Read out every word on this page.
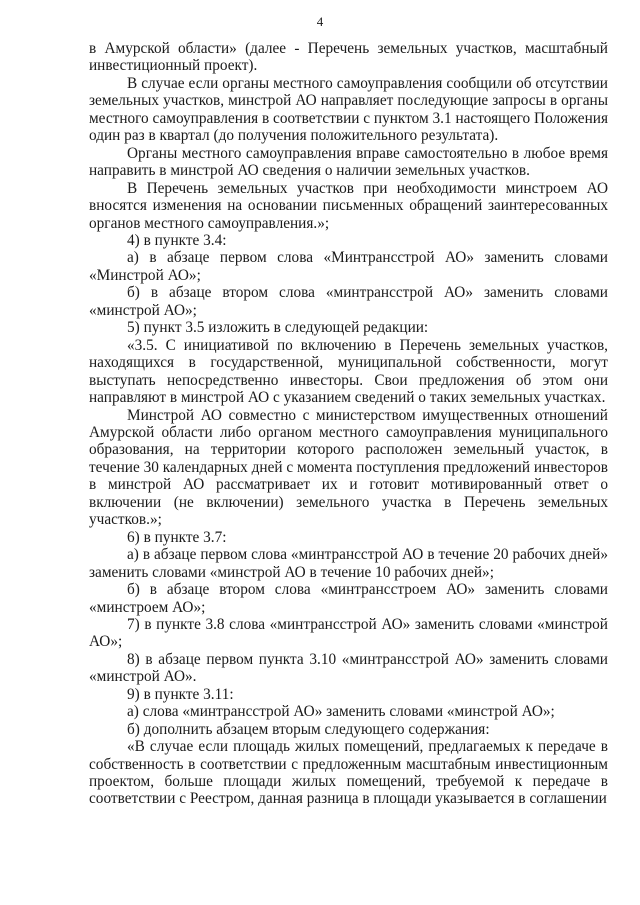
4

в Амурской области» (далее - Перечень земельных участков, масштабный инвестиционный проект).

В случае если органы местного самоуправления сообщили об отсутствии земельных участков, минстрой АО направляет последующие запросы в органы местного самоуправления в соответствии с пунктом 3.1 настоящего Положения один раз в квартал (до получения положительного результата).

Органы местного самоуправления вправе самостоятельно в любое время направить в минстрой АО сведения о наличии земельных участков.

В Перечень земельных участков при необходимости минстроем АО вносятся изменения на основании письменных обращений заинтересованных органов местного самоуправления.»;

4) в пункте 3.4:

а) в абзаце первом слова «Минтрансстрой АО» заменить словами «Минстрой АО»;

б) в абзаце втором слова «минтрансстрой АО» заменить словами «минстрой АО»;

5) пункт 3.5 изложить в следующей редакции:

«3.5. С инициативой по включению в Перечень земельных участков, находящихся в государственной, муниципальной собственности, могут выступать непосредственно инвесторы. Свои предложения об этом они направляют в минстрой АО с указанием сведений о таких земельных участках.

Минстрой АО совместно с министерством имущественных отношений Амурской области либо органом местного самоуправления муниципального образования, на территории которого расположен земельный участок, в течение 30 календарных дней с момента поступления предложений инвесторов в минстрой АО рассматривает их и готовит мотивированный ответ о включении (не включении) земельного участка в Перечень земельных участков.»;

6) в пункте 3.7:

а) в абзаце первом слова «минтрансстрой АО в течение 20 рабочих дней» заменить словами «минстрой АО в течение 10 рабочих дней»;

б) в абзаце втором слова «минтрансстроем АО» заменить словами «минстроем АО»;

7) в пункте 3.8 слова «минтрансстрой АО» заменить словами «минстрой АО»;

8) в абзаце первом пункта 3.10 «минтрансстрой АО» заменить словами «минстрой АО».

9) в пункте 3.11:

а) слова «минтрансстрой АО» заменить словами «минстрой АО»;

б) дополнить абзацем вторым следующего содержания:

«В случае если площадь жилых помещений, предлагаемых к передаче в собственность в соответствии с предложенным масштабным инвестиционным проектом, больше площади жилых помещений, требуемой к передаче в соответствии с Реестром, данная разница в площади указывается в соглашении
